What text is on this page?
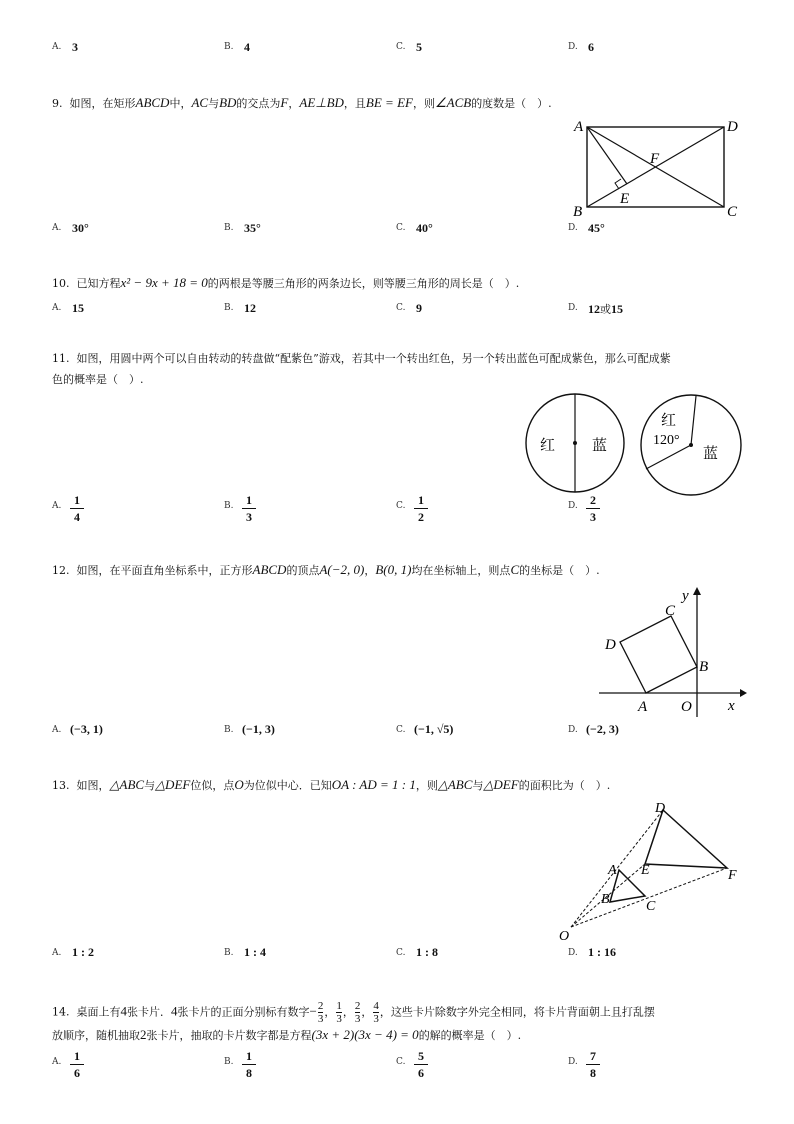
A. 3	B. 4	C. 5	D. 6
9. 如图，在矩形ABCD中，AC与BD的交点为F，AE⊥BD，且BE = EF，则∠ACB的度数是（　）.
A	D
B	C
F
E
A. 30°	B. 35°	C. 40°	D. 45°
10. 已知方程x² − 9x + 18 = 0的两根是等腰三角形的两条边长，则等腰三角形的周长是（　）.
A. 15	B. 12	C. 9	D. 12或15
11. 如图，用圆中两个可以自由转动的转盘做“配紫色”游戏，若其中一个转出红色，另一个转出蓝色可配成紫色，那么可配成紫
色的概率是（　）.
红 蓝
红
120°
蓝
A.	1
4
B.	1
3
C.	1
2
D.	2
3
12. 如图，在平面直角坐标系中，正方形ABCD的顶点A(−2, 0)，B(0, 1)均在坐标轴上，则点C的坐标是（　）.
y
x
O
A
B
C
D
A. (−3, 1)	B. (−1, 3)	C. (−1, √5)	D. (−2, 3)
13. 如图，△ABC与△DEF位似，点O为位似中心．已知OA : AD = 1 : 1，则△ABC与△DEF的面积比为（　）.
O
A
B	C
D
E	F
A. 1 : 2	B. 1 : 4	C. 1 : 8	D. 1 : 16
14. 桌面上有4张卡片．4张卡片的正面分别标有数字− $\frac{2}{3}$ ， $\frac{1}{3}$ ， $\frac{2}{3}$ ， $\frac{4}{3}$ ，这些卡片除数字外完全相同，将卡片背面朝上且打乱摆
放顺序，随机抽取2张卡片，抽取的卡片数字都是方程(3x + 2)(3x − 4) = 0的解的概率是（　）.
A.	1
6
B.	1
8
C.	5
6
D.	7
8
